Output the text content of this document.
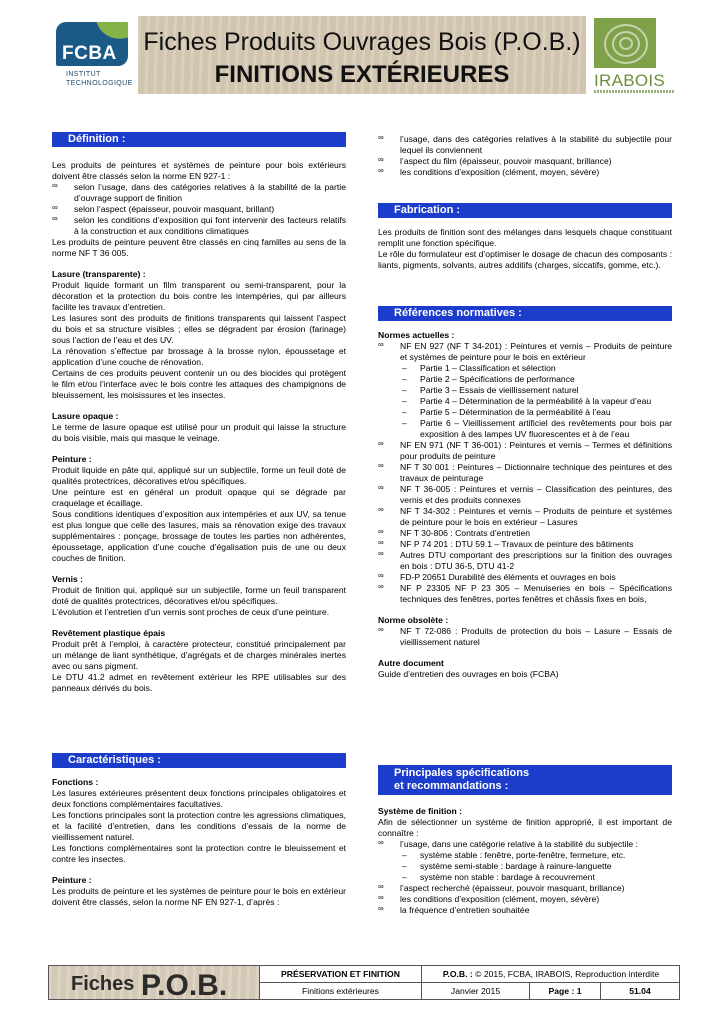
FCBA
INSTITUT
TECHNOLOGIQUE
Fiches Produits Ouvrages Bois (P.O.B.)
FINITIONS EXTÉRIEURES	IRABOIS
Définition :

Les produits de peintures et systèmes de peinture pour bois extérieurs doivent être classés selon la norme EN 927-1 :

∞ selon l’usage, dans des catégories relatives à la stabilité de la partie d’ouvrage support de finition

∞ selon l’aspect (épaisseur, pouvoir masquant, brillant)

∞ selon les conditions d’exposition qui font intervenir des facteurs relatifs à la construction et aux conditions climatiques

Les produits de peinture peuvent être classés en cinq familles au sens de la norme NF T 36 005.

Lasure (transparente) :

Produit liquide formant un film transparent ou semi-transparent, pour la décoration et la protection du bois contre les intempéries, qui par ailleurs facilite les travaux d’entretien.

Les lasures sont des produits de finitions transparents qui laissent l’aspect du bois et sa structure visibles ; elles se dégradent par érosion (farinage) sous l’action de l’eau et des UV.

La rénovation s’effectue par brossage à la brosse nylon, époussetage et application d’une couche de rénovation.

Certains de ces produits peuvent contenir un ou des biocides qui protègent le film et/ou l’interface avec le bois contre les attaques des champignons de bleuissement, les moisissures et les insectes.

Lasure opaque :

Le terme de lasure opaque est utilisé pour un produit qui laisse la structure du bois visible, mais qui masque le veinage.

Peinture :

Produit liquide en pâte qui, appliqué sur un subjectile, forme un feuil doté de qualités protectrices, décoratives et/ou spécifiques.

Une peinture est en général un produit opaque qui se dégrade par craquelage et écaillage.

Sous conditions identiques d’exposition aux intempéries et aux UV, sa tenue est plus longue que celle des lasures, mais sa rénovation exige des travaux supplémentaires : ponçage, brossage de toutes les parties non adhérentes, époussetage, application d’une couche d’égalisation puis de une ou deux couches de finition.

Vernis :

Produit de finition qui, appliqué sur un subjectile, forme un feuil transparent doté de qualités protectrices, décoratives et/ou spécifiques.

L’évolution et l’entretien d’un vernis sont proches de ceux d’une peinture.

Revêtement plastique épais

Produit prêt à l’emploi, à caractère protecteur, constitué principalement par un mélange de liant synthétique, d’agrégats et de charges minérales inertes avec ou sans pigment.

Le DTU 41.2 admet en revêtement extérieur les RPE utilisables sur des panneaux dérivés du bois.

Caractéristiques :

Fonctions :

Les lasures extérieures présentent deux fonctions principales obligatoires et deux fonctions complémentaires facultatives.

Les fonctions principales sont la protection contre les agressions climatiques, et la facilité d’entretien, dans les conditions d’essais de la norme de vieillissement naturel.

Les fonctions complémentaires sont la protection contre le bleuissement et contre les insectes.

Peinture :

Les produits de peinture et les systèmes de peinture pour le bois en extérieur doivent être classés, selon la norme NF EN 927-1, d’après :

∞ l’usage, dans des catégories relatives à la stabilité du subjectile pour lequel ils conviennent

∞ l’aspect du film (épaisseur, pouvoir masquant, brillance)

∞ les conditions d’exposition (clément, moyen, sévère)

Fabrication :

Les produits de finition sont des mélanges dans lesquels chaque constituant remplit une fonction spécifique.

Le rôle du formulateur est d’optimiser le dosage de chacun des composants : liants, pigments, solvants, autres additifs (charges, siccatifs, gomme, etc.).

Références normatives :

Normes actuelles :

∞ NF EN 927 (NF T 34-201) : Peintures et vernis – Produits de peinture et systèmes de peinture pour le bois en extérieur

– Partie 1 – Classification et sélection

– Partie 2 – Spécifications de performance

– Partie 3 – Essais de vieillissement naturel

– Partie 4 – Détermination de la perméabilité à la vapeur d’eau

– Partie 5 – Détermination de la perméabilité à l’eau

– Partie 6 – Vieillissement artificiel des revêtements pour bois par exposition à des lampes UV fluorescentes et à de l’eau

∞ NF EN 971 (NF T 36-001) : Peintures et vernis – Termes et définitions pour produits de peinture

∞ NF T 30 001 : Peintures – Dictionnaire technique des peintures et des travaux de peinturage

∞ NF T 36-005 : Peintures et vernis – Classification des peintures, des vernis et des produits connexes

∞ NF T 34-302 : Peintures et vernis – Produits de peinture et systèmes de peinture pour le bois en extérieur – Lasures

∞ NF T 30-806 : Contrats d’entretien

∞ NF P 74 201 : DTU 59.1 – Travaux de peinture des bâtiments

∞ Autres DTU comportant des prescriptions sur la finition des ouvrages en bois : DTU 36-5, DTU 41-2

∞ FD-P 20651 Durabilité des éléments et ouvrages en bois

∞ NF P 23305 NF P 23 305 – Menuiseries en bois – Spécifications techniques des fenêtres, portes fenêtres et châssis fixes en bois,

Norme obsolète :

∞ NF T 72-086 : Produits de protection du bois – Lasure – Essais de vieillissement naturel

Autre document

Guide d’entretien des ouvrages en bois (FCBA)

Principales spécifications
et recommandations :

Système de finition :

Afin de sélectionner un système de finition approprié, il est important de connaître :

∞ l’usage, dans une catégorie relative à la stabilité du subjectile :

– système stable : fenêtre, porte-fenêtre, fermeture, etc.

– système semi-stable : bardage à rainure-languette

– système non stable : bardage à recouvrement

∞ l’aspect recherché (épaisseur, pouvoir masquant, brillance)

∞ les conditions d’exposition (clément, moyen, sévère)

∞ la fréquence d’entretien souhaitée

Fiches P.O.B.	PRÉSERVATION ET FINITION	P.O.B. :
© 2015, FCBA, IRABOIS, Reproduction interdite
Finitions extérieures	Janvier 2015	Page : 1	51.04
